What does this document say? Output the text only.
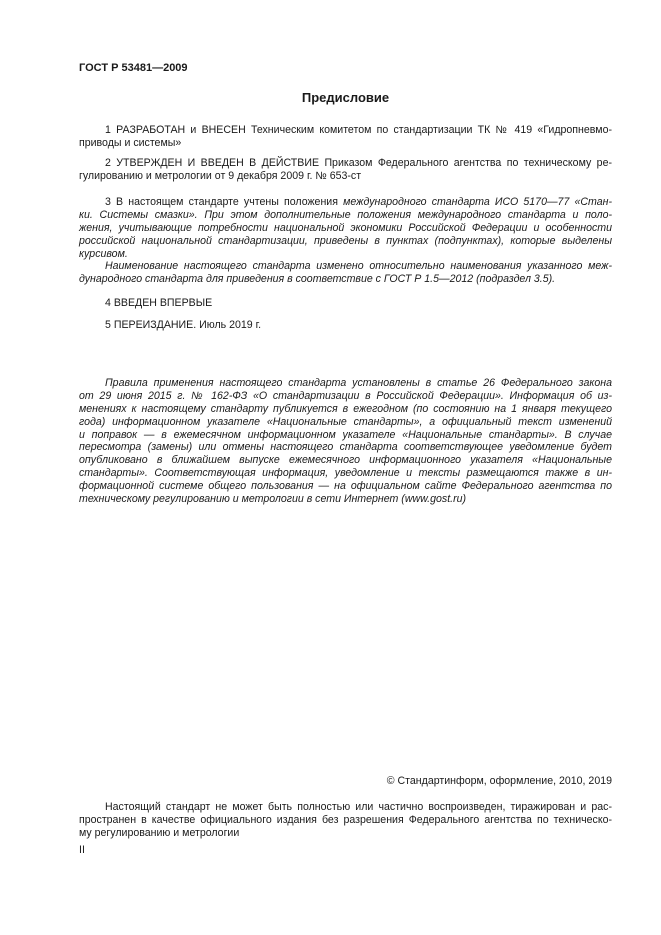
ГОСТ Р 53481—2009
Предисловие
1 РАЗРАБОТАН и ВНЕСЕН Техническим комитетом по стандартизации ТК № 419 «Гидропневмо-
приводы и системы»
2 УТВЕРЖДЕН И ВВЕДЕН В ДЕЙСТВИЕ Приказом Федерального агентства по техническому ре-
гулированию и метрологии от 9 декабря 2009 г. № 653-ст
3 В настоящем стандарте учтены положения международного стандарта ИСО 5170—77 «Стан-
ки. Системы смазки». При этом дополнительные положения международного стандарта и поло-
жения, учитывающие потребности национальной экономики Российской Федерации и особенности
российской национальной стандартизации, приведены в пунктах (подпунктах), которые выделены
курсивом.
Наименование настоящего стандарта изменено относительно наименования указанного меж-
дународного стандарта для приведения в соответствие с ГОСТ Р 1.5—2012 (подраздел 3.5).
4 ВВЕДЕН ВПЕРВЫЕ
5 ПЕРЕИЗДАНИЕ. Июль 2019 г.
Правила применения настоящего стандарта установлены в статье 26 Федерального закона
от 29 июня 2015 г. № 162-ФЗ «О стандартизации в Российской Федерации». Информация об из-
менениях к настоящему стандарту публикуется в ежегодном (по состоянию на 1 января текущего
года) информационном указателе «Национальные стандарты», а официальный текст изменений
и поправок — в ежемесячном информационном указателе «Национальные стандарты». В случае
пересмотра (замены) или отмены настоящего стандарта соответствующее уведомление будет
опубликовано в ближайшем выпуске ежемесячного информационного указателя «Национальные
стандарты». Соответствующая информация, уведомление и тексты размещаются также в ин-
формационной системе общего пользования — на официальном сайте Федерального агентства по
техническому регулированию и метрологии в сети Интернет (www.gost.ru)
© Стандартинформ, оформление, 2010, 2019
Настоящий стандарт не может быть полностью или частично воспроизведен, тиражирован и рас-
пространен в качестве официального издания без разрешения Федерального агентства по техническо-
му регулированию и метрологии
II
